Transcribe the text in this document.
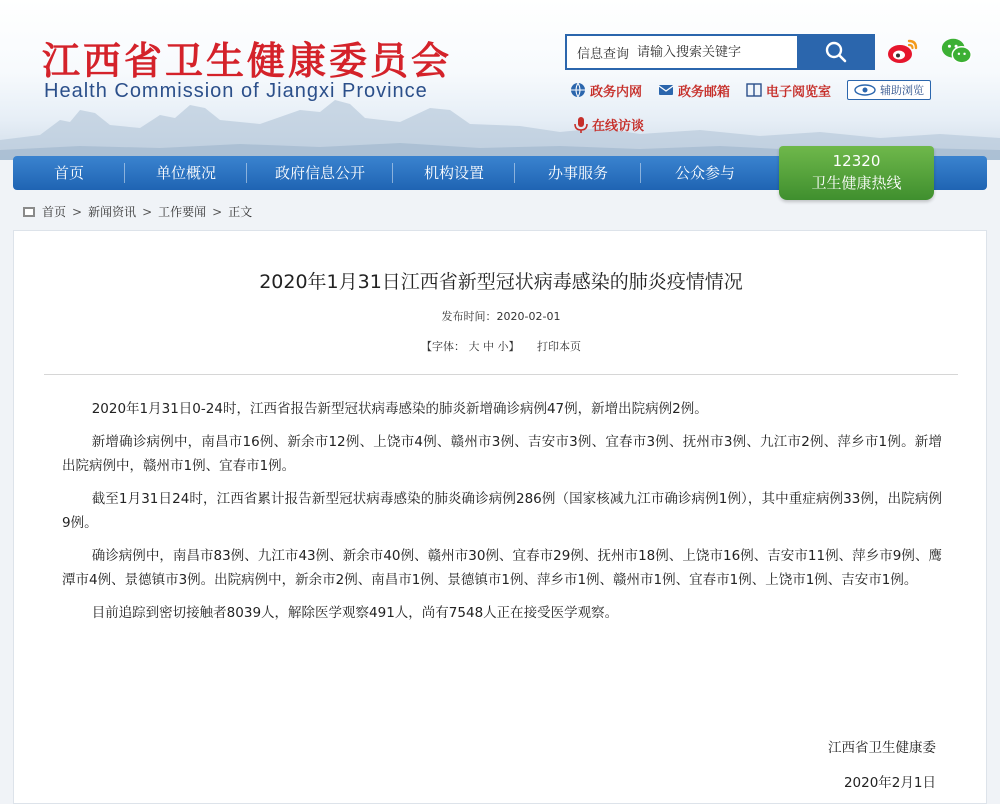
江西省卫生健康委员会
Health Commission of Jiangxi Province
信息查询
请输入搜索关键字
政务内网	政务邮箱	电子阅览室	辅助浏览
在线访谈
首页	单位概况	政府信息公开	机构设置	办事服务	公众参与
12320
卫生健康热线
首页 > 新闻资讯 > 工作要闻 > 正文
2020年1月31日江西省新型冠状病毒感染的肺炎疫情情况
发布时间：2020-02-01
【字体： 大 中 小】 打印本页

2020年1月31日0-24时，江西省报告新型冠状病毒感染的肺炎新增确诊病例47例，新增出院病例2例。

新增确诊病例中，南昌市16例、新余市12例、上饶市4例、赣州市3例、吉安市3例、宜春市3例、抚州市3例、九江市2例、萍乡市1例。新增出院病例中，赣州市1例、宜春市1例。

截至1月31日24时，江西省累计报告新型冠状病毒感染的肺炎确诊病例286例（国家核减九江市确诊病例1例），其中重症病例33例，出院病例9例。

确诊病例中，南昌市83例、九江市43例、新余市40例、赣州市30例、宜春市29例、抚州市18例、上饶市16例、吉安市11例、萍乡市9例、鹰潭市4例、景德镇市3例。出院病例中，新余市2例、南昌市1例、景德镇市1例、萍乡市1例、赣州市1例、宜春市1例、上饶市1例、吉安市1例。

目前追踪到密切接触者8039人，解除医学观察491人，尚有7548人正在接受医学观察。

江西省卫生健康委
2020年2月1日
